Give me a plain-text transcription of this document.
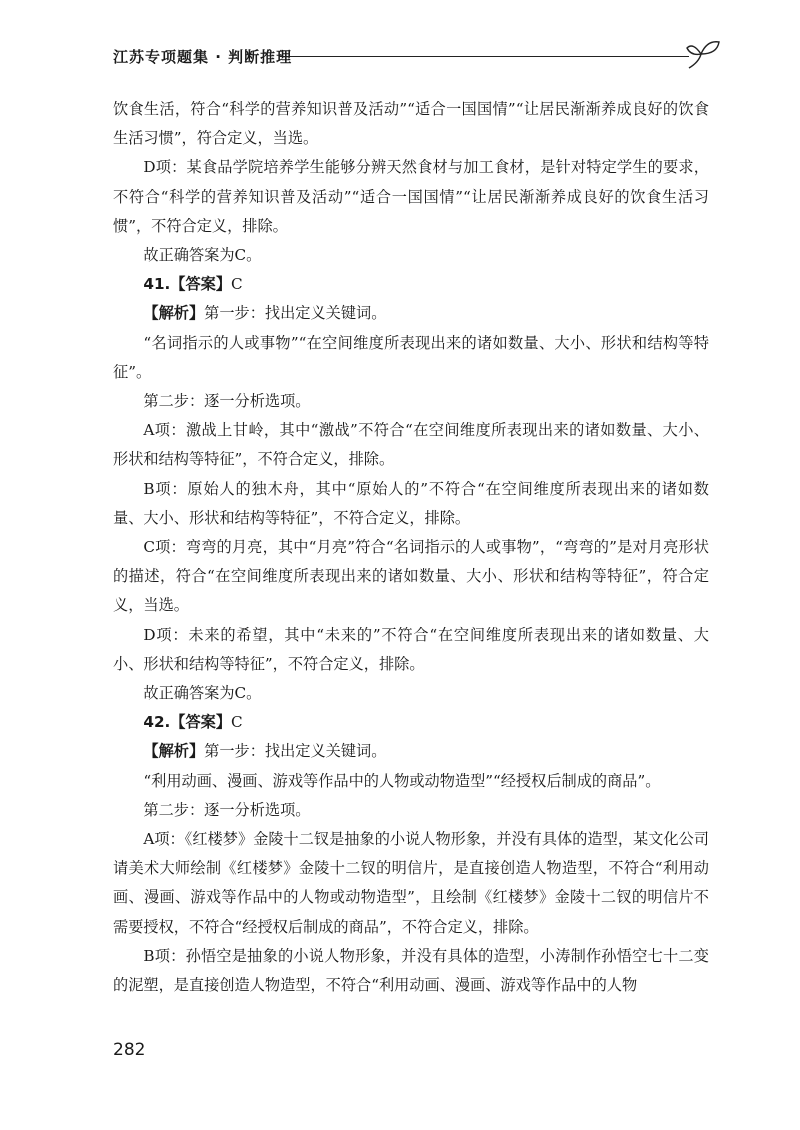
江苏专项题集 · 判断推理

饮食生活，符合“科学的营养知识普及活动”“适合一国国情”“让居民渐渐养成良好的饮食生活习惯”，符合定义，当选。

D项：某食品学院培养学生能够分辨天然食材与加工食材，是针对特定学生的要求，不符合“科学的营养知识普及活动”“适合一国国情”“让居民渐渐养成良好的饮食生活习惯”，不符合定义，排除。

故正确答案为C。

41.【答案】C

【解析】第一步：找出定义关键词。

“名词指示的人或事物”“在空间维度所表现出来的诸如数量、大小、形状和结构等特征”。

第二步：逐一分析选项。

A项：激战上甘岭，其中“激战”不符合“在空间维度所表现出来的诸如数量、大小、形状和结构等特征”，不符合定义，排除。

B项：原始人的独木舟，其中“原始人的”不符合“在空间维度所表现出来的诸如数量、大小、形状和结构等特征”，不符合定义，排除。

C项：弯弯的月亮，其中“月亮”符合“名词指示的人或事物”，“弯弯的”是对月亮形状的描述，符合“在空间维度所表现出来的诸如数量、大小、形状和结构等特征”，符合定义，当选。

D项：未来的希望，其中“未来的”不符合“在空间维度所表现出来的诸如数量、大小、形状和结构等特征”，不符合定义，排除。

故正确答案为C。

42.【答案】C

【解析】第一步：找出定义关键词。

“利用动画、漫画、游戏等作品中的人物或动物造型”“经授权后制成的商品”。

第二步：逐一分析选项。

A项：《红楼梦》金陵十二钗是抽象的小说人物形象，并没有具体的造型，某文化公司请美术大师绘制《红楼梦》金陵十二钗的明信片，是直接创造人物造型，不符合“利用动画、漫画、游戏等作品中的人物或动物造型”，且绘制《红楼梦》金陵十二钗的明信片不需要授权，不符合“经授权后制成的商品”，不符合定义，排除。

B项：孙悟空是抽象的小说人物形象，并没有具体的造型，小涛制作孙悟空七十二变的泥塑，是直接创造人物造型，不符合“利用动画、漫画、游戏等作品中的人物

282
